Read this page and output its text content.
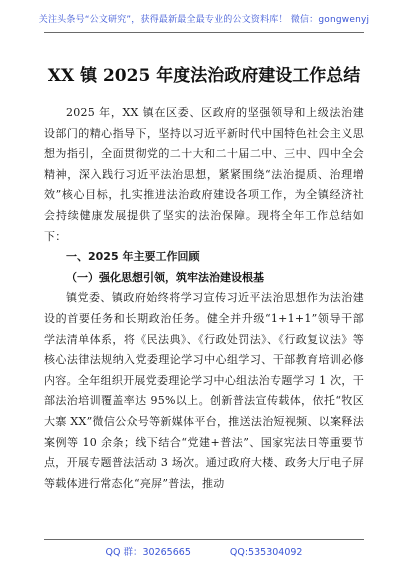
关注头条号“公文研究”，获得最新最全最专业的公文资料库！ 微信：gongwenyj
XX 镇 2025 年度法治政府建设工作总结

2025 年，XX 镇在区委、区政府的坚强领导和上级法治建设部门的精心指导下，坚持以习近平新时代中国特色社会主义思想为指引，全面贯彻党的二十大和二十届二中、三中、四中全会精神，深入践行习近平法治思想，紧紧围绕“法治提质、治理增效”核心目标，扎实推进法治政府建设各项工作，为全镇经济社会持续健康发展提供了坚实的法治保障。现将全年工作总结如下：

一、2025 年主要工作回顾
（一）强化思想引领，筑牢法治建设根基

镇党委、镇政府始终将学习宣传习近平法治思想作为法治建设的首要任务和长期政治任务。健全并升级“1+1+1”领导干部学法清单体系，将《民法典》、《行政处罚法》、《行政复议法》等核心法律法规纳入党委理论学习中心组学习、干部教育培训必修内容。全年组织开展党委理论学习中心组法治专题学习 1 次，干部法治培训覆盖率达 95%以上。创新普法宣传载体，依托“牧区大寨 XX”微信公众号等新媒体平台，推送法治短视频、以案释法案例等 10 余条；线下结合“党建+普法”、国家宪法日等重要节点，开展专题普法活动 3 场次。通过政府大楼、政务大厅电子屏等载体进行常态化“亮屏”普法，推动

QQ 群：30265665	QQ:535304092
